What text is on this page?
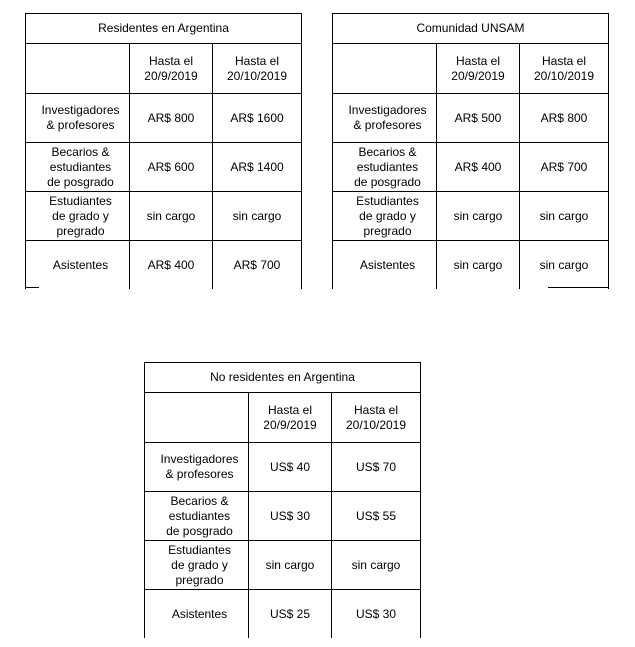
Residentes en Argentina		
	Hasta el
20/9/2019	Hasta el
20/10/2019
Investigadores
& profesores	AR$ 800	AR$ 1600
Becarios &
estudiantes
de posgrado	AR$ 600	AR$ 1400
Estudiantes
de grado y
pregrado	sin cargo	sin cargo
Asistentes	AR$ 400	AR$ 700
Comunidad UNSAM		
	Hasta el
20/9/2019	Hasta el
20/10/2019
Investigadores
& profesores	AR$ 500	AR$ 800
Becarios &
estudiantes
de posgrado	AR$ 400	AR$ 700
Estudiantes
de grado y
pregrado	sin cargo	sin cargo
Asistentes	sin cargo	sin cargo
No residentes en Argentina		
	Hasta el
20/9/2019	Hasta el
20/10/2019
Investigadores
& profesores	US$ 40	US$ 70
Becarios &
estudiantes
de posgrado	US$ 30	US$ 55
Estudiantes
de grado y
pregrado	sin cargo	sin cargo
Asistentes	US$ 25	US$ 30
